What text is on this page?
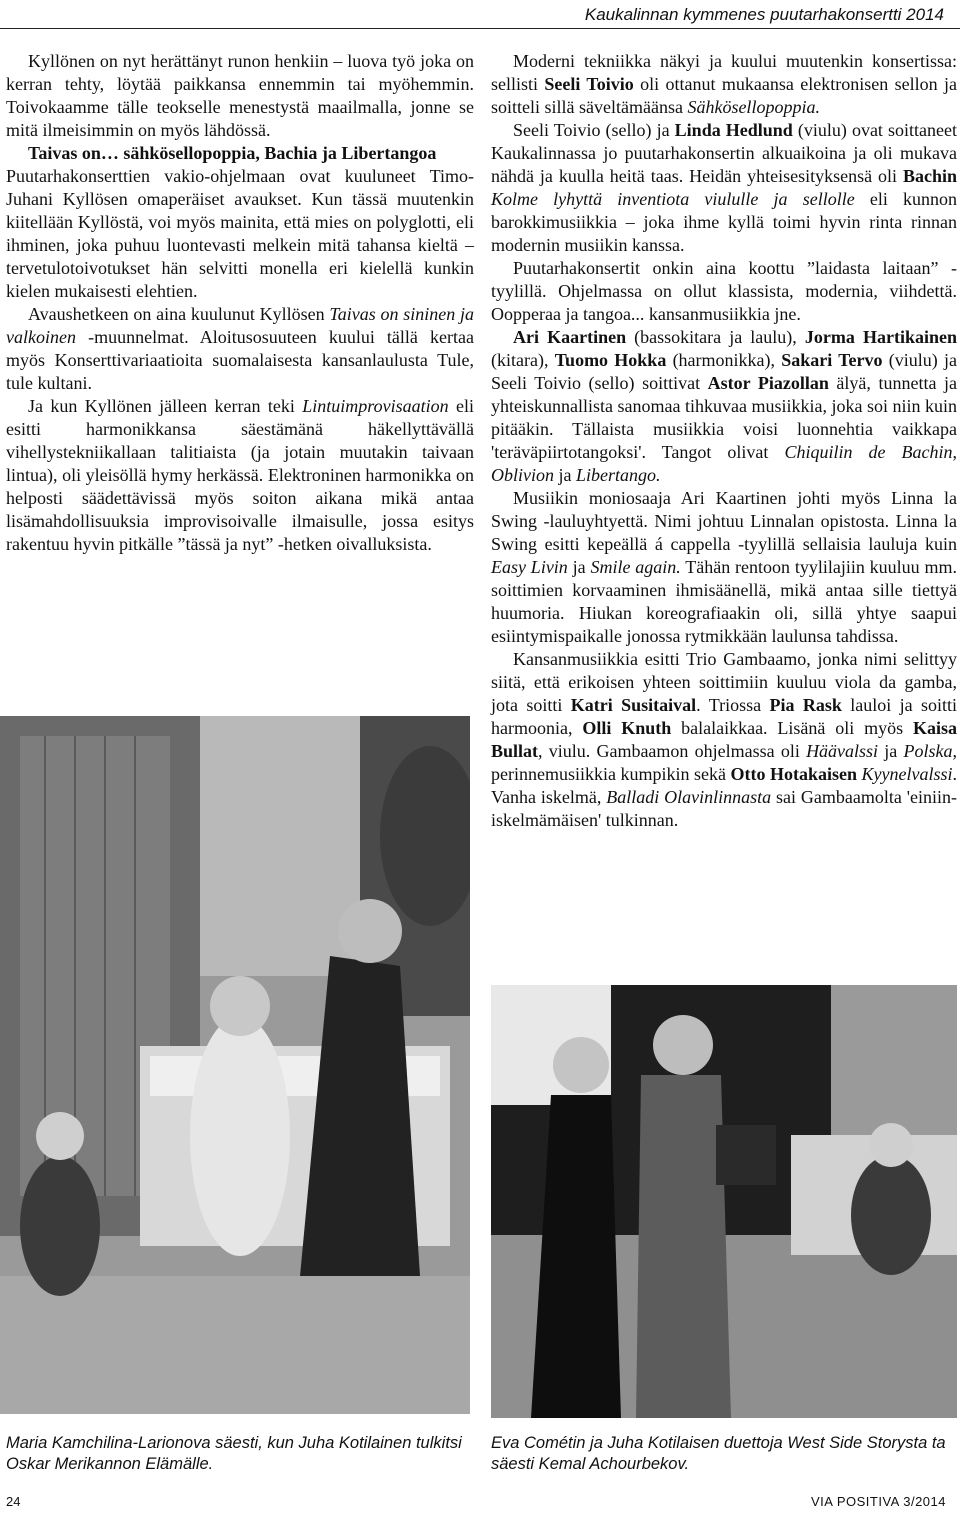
Kaukalinnan kymmenes puutarhakonsertti 2014

Kyllönen on nyt herättänyt runon henkiin – luova työ joka on kerran tehty, löytää paikkansa ennemmin tai myöhemmin. Toivokaamme tälle teokselle menestystä maailmalla, jonne se mitä ilmeisimmin on myös lähdössä.

Taivas on… sähkösellopoppia, Bachia ja Libertangoa

Puutarhakonserttien vakio-ohjelmaan ovat kuuluneet Timo-Juhani Kyllösen omaperäiset avaukset. Kun tässä muutenkin kiitellään Kyllöstä, voi myös mainita, että mies on polyglotti, eli ihminen, joka puhuu luontevasti melkein mitä tahansa kieltä – tervetulotoivotukset hän selvitti monella eri kielellä kunkin kielen mukaisesti elehtien.

Avaushetkeen on aina kuulunut Kyllösen Taivas on sininen ja valkoinen -muunnelmat. Aloitusosuuteen kuului tällä kertaa myös Konserttivariaatioita suomalaisesta kansanlaulusta Tule, tule kultani.

Ja kun Kyllönen jälleen kerran teki Lintuimprovisaation eli esitti harmonikkansa säestämänä häkellyttävällä vihellystekniikallaan talitiaista (ja jotain muutakin taivaan lintua), oli yleisöllä hymy herkässä. Elektroninen harmonikka on helposti säädettävissä myös soiton aikana mikä antaa lisämahdollisuuksia improvisoivalle ilmaisulle, jossa esitys rakentuu hyvin pitkälle ”tässä ja nyt” -hetken oivalluksista.

Moderni tekniikka näkyi ja kuului muutenkin konsertissa: sellisti Seeli Toivio oli ottanut mukaansa elektronisen sellon ja soitteli sillä säveltämäänsa Sähkösellopoppia.

Seeli Toivio (sello) ja Linda Hedlund (viulu) ovat soittaneet Kaukalinnassa jo puutarhakonsertin alkuaikoina ja oli mukava nähdä ja kuulla heitä taas. Heidän yhteisesityksensä oli Bachin Kolme lyhyttä inventiota viululle ja sellolle eli kunnon barokkimusiikkia – joka ihme kyllä toimi hyvin rinta rinnan modernin musiikin kanssa.

Puutarhakonsertit onkin aina koottu ”laidasta laitaan” -tyylillä. Ohjelmassa on ollut klassista, modernia, viihdettä. Oopperaa ja tangoa... kansanmusiikkia jne.

Ari Kaartinen (bassokitara ja laulu), Jorma Hartikainen (kitara), Tuomo Hokka (harmonikka), Sakari Tervo (viulu) ja Seeli Toivio (sello) soittivat Astor Piazollan älyä, tunnetta ja yhteiskunnallista sanomaa tihkuvaa musiikkia, joka soi niin kuin pitääkin. Tällaista musiikkia voisi luonnehtia vaikkapa 'teräväpiirtotangoksi'. Tangot olivat Chiquilin de Bachin, Oblivion ja Libertango.

Musiikin moniosaaja Ari Kaartinen johti myös Linna la Swing -lauluyhtyettä. Nimi johtuu Linnalan opistosta. Linna la Swing esitti kepeällä á cappella -tyylillä sellaisia lauluja kuin Easy Livin ja Smile again. Tähän rentoon tyylilajiin kuuluu mm. soittimien korvaaminen ihmisäänellä, mikä antaa sille tiettyä huumoria. Hiukan koreografiaakin oli, sillä yhtye saapui esiintymispaikalle jonossa rytmikkään laulunsa tahdissa.

Kansanmusiikkia esitti Trio Gambaamo, jonka nimi selittyy siitä, että erikoisen yhteen soittimiin kuuluu viola da gamba, jota soitti Katri Susitaival. Triossa Pia Rask lauloi ja soitti harmoonia, Olli Knuth balalaikkaa. Lisänä oli myös Kaisa Bullat, viulu. Gambaamon ohjelmassa oli Häävalssi ja Polska, perinnemusiikkia kumpikin sekä Otto Hotakaisen Kyynelvalssi. Vanha iskelmä, Balladi Olavinlinnasta sai Gambaamolta 'einiin-iskelmämäisen' tulkinnan.

Maria Kamchilina-Larionova säesti, kun Juha Kotilainen tulkitsi Oskar Merikannon Elämälle.
Eva Cométin ja Juha Kotilaisen duettoja West Side Storysta ta säesti Kemal Achourbekov.
24	VIA POSITIVA 3/2014
